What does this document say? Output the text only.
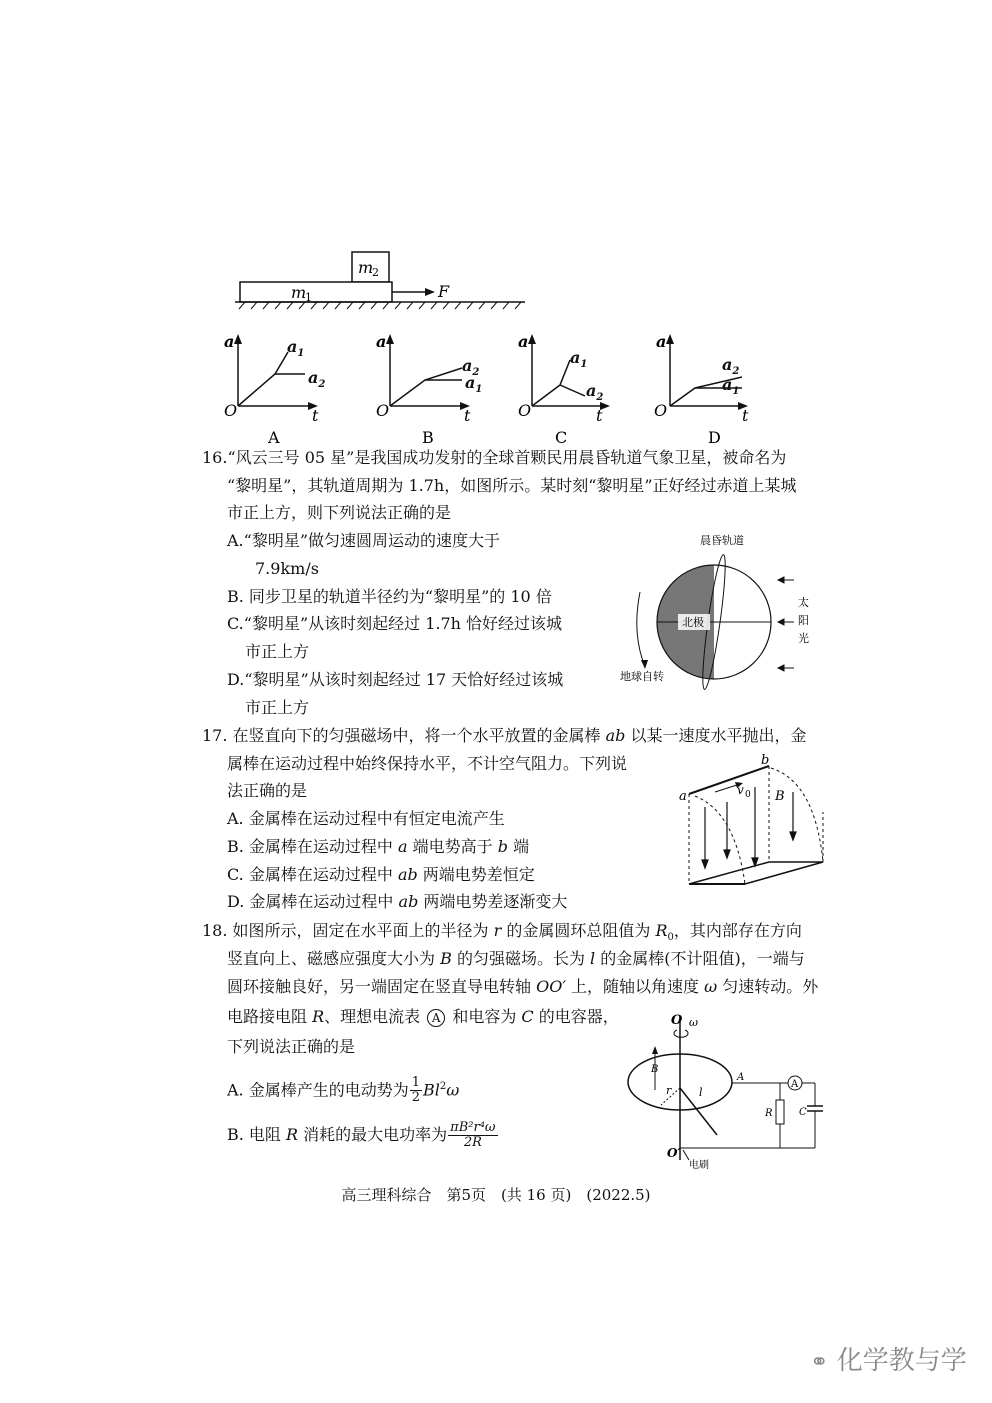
m
2
m
1	F
a
t
O
A
a
t
O
B
a
t
O
C
a
t
O
D
$a_1$
$a_2$
$a_2$
$a_1$
$a_1$
$a_2$
$a_2$
$a_1$
16.“风云三号 05 星”是我国成功发射的全球首颗民用晨昏轨道气象卫星，被命名为
“黎明星”，其轨道周期为 1.7h，如图所示。某时刻“黎明星”正好经过赤道上某城
市正上方，则下列说法正确的是
A.“黎明星”做匀速圆周运动的速度大于
7.9km/s
B. 同步卫星的轨道半径约为“黎明星”的 10 倍
C.“黎明星”从该时刻起经过 1.7h 恰好经过该城
市正上方
D.“黎明星”从该时刻起经过 17 天恰好经过该城
市正上方
北极
晨昏轨道
地球自转
太
阳
光
17. 在竖直向下的匀强磁场中，将一个水平放置的金属棒 ab 以某一速度水平抛出，金
属棒在运动过程中始终保持水平，不计空气阻力。下列说
法正确的是
A. 金属棒在运动过程中有恒定电流产生
B. 金属棒在运动过程中 a 端电势高于 b 端
C. 金属棒在运动过程中 ab 两端电势差恒定
D. 金属棒在运动过程中 ab 两端电势差逐渐变大
a
b
v 0 B
18. 如图所示，固定在水平面上的半径为 r 的金属圆环总阻值为 $R_0$，其内部存在方向
竖直向上、磁感应强度大小为 B 的匀强磁场。长为 l 的金属棒(不计阻值)，一端与
圆环接触良好，另一端固定在竖直导电转轴 OO′ 上，随轴以角速度 ω 匀速转动。外
电路接电阻 R、理想电流表 A 和电容为 C 的电容器，
下列说法正确的是
A. 金属棒产生的电动势为 $\frac{1}{2} Bl^2\omega$
B. 电阻 R 消耗的最大电功率为 $\frac{\text{πB²r⁴ω}}{2R}$
O ω
B
r	l
A
A
C
R
O′
电刷
高三理科综合　第5页　(共 16 页)　(2022.5)
⚭ 化学教与学
